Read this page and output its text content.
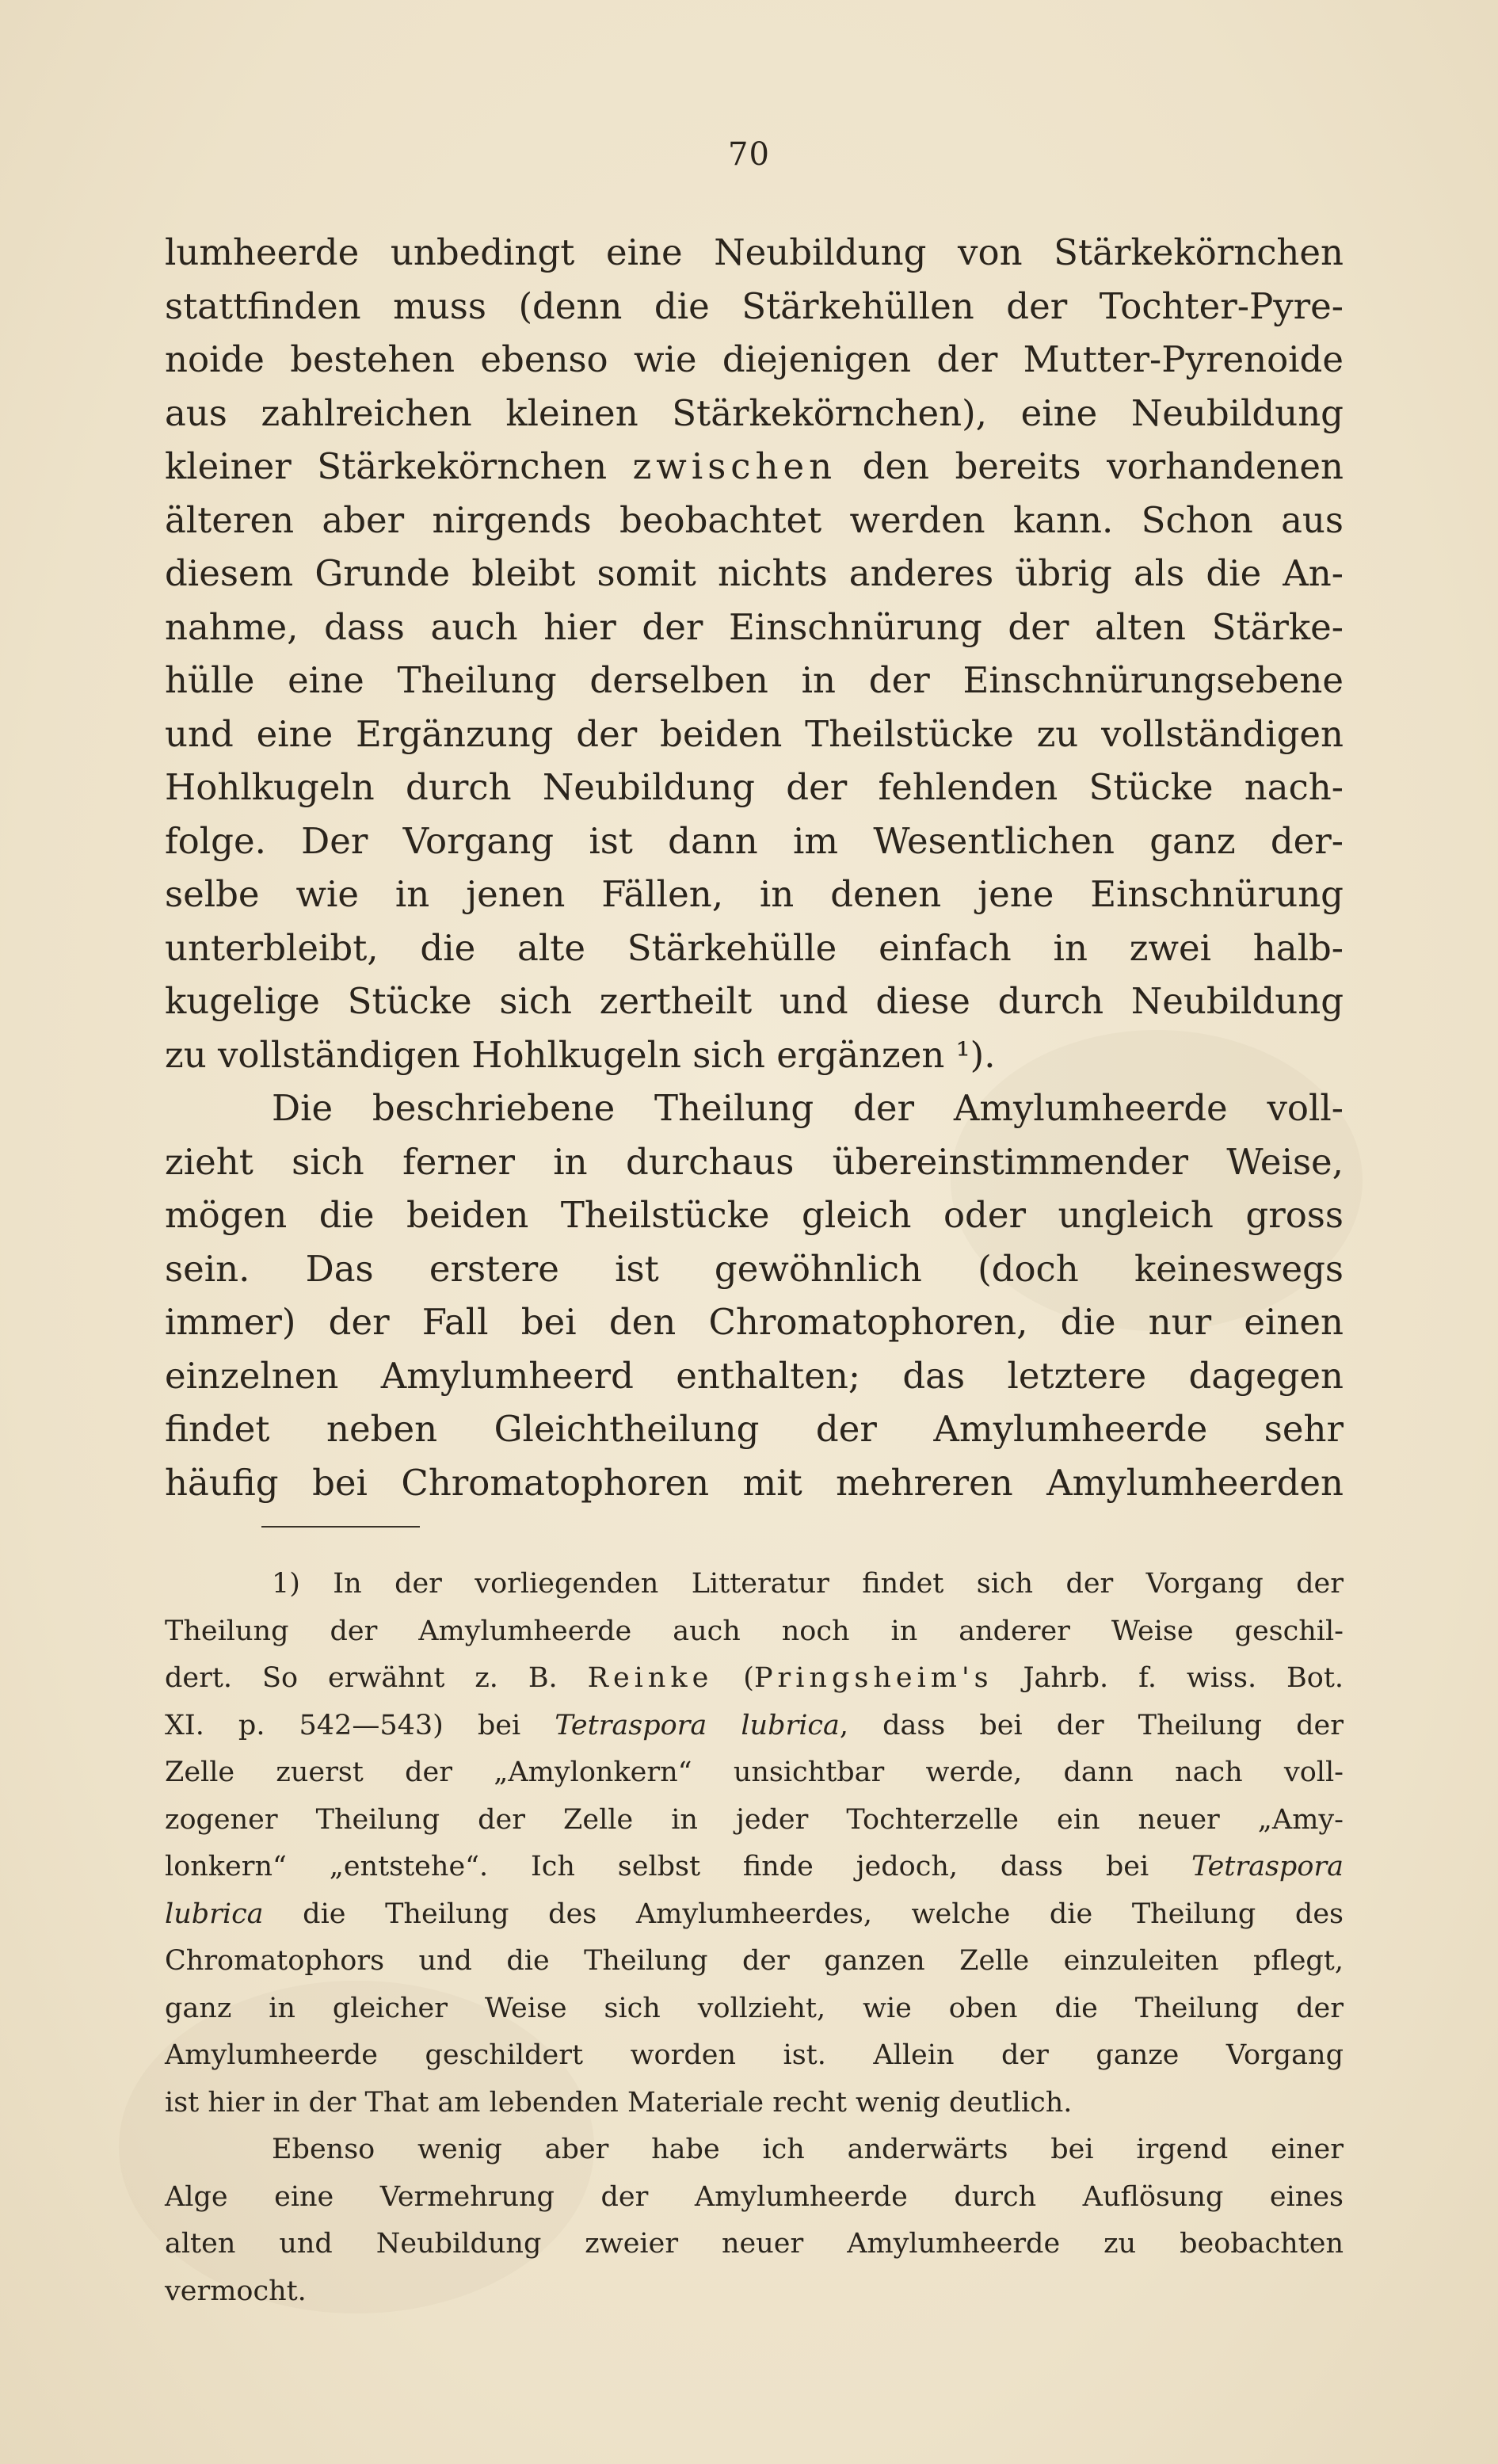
70
lumheerde unbedingt eine Neubildung von Stärkekörnchen
stattfinden muss (denn die Stärkehüllen der Tochter-Pyre-
noide bestehen ebenso wie diejenigen der Mutter-Pyrenoide
aus zahlreichen kleinen Stärkekörnchen), eine Neubildung
kleiner Stärkekörnchen zwischen den bereits vorhandenen
älteren aber nirgends beobachtet werden kann. Schon aus
diesem Grunde bleibt somit nichts anderes übrig als die An-
nahme, dass auch hier der Einschnürung der alten Stärke-
hülle eine Theilung derselben in der Einschnürungsebene
und eine Ergänzung der beiden Theilstücke zu vollständigen
Hohlkugeln durch Neubildung der fehlenden Stücke nach-
folge. Der Vorgang ist dann im Wesentlichen ganz der-
selbe wie in jenen Fällen, in denen jene Einschnürung
unterbleibt, die alte Stärkehülle einfach in zwei halb-
kugelige Stücke sich zertheilt und diese durch Neubildung
zu vollständigen Hohlkugeln sich ergänzen ¹).
Die beschriebene Theilung der Amylumheerde voll-
zieht sich ferner in durchaus übereinstimmender Weise,
mögen die beiden Theilstücke gleich oder ungleich gross
sein. Das erstere ist gewöhnlich (doch keineswegs
immer) der Fall bei den Chromatophoren, die nur einen
einzelnen Amylumheerd enthalten; das letztere dagegen
findet neben Gleichtheilung der Amylumheerde sehr
häufig bei Chromatophoren mit mehreren Amylumheerden
1) In der vorliegenden Litteratur findet sich der Vorgang der
Theilung der Amylumheerde auch noch in anderer Weise geschil-
dert. So erwähnt z. B. Reinke (Pringsheim's Jahrb. f. wiss. Bot.
XI. p. 542—543) bei Tetraspora lubrica, dass bei der Theilung der
Zelle zuerst der „Amylonkern“ unsichtbar werde, dann nach voll-
zogener Theilung der Zelle in jeder Tochterzelle ein neuer „Amy-
lonkern“ „entstehe“. Ich selbst finde jedoch, dass bei Tetraspora
lubrica die Theilung des Amylumheerdes, welche die Theilung des
Chromatophors und die Theilung der ganzen Zelle einzuleiten pflegt,
ganz in gleicher Weise sich vollzieht, wie oben die Theilung der
Amylumheerde geschildert worden ist. Allein der ganze Vorgang
ist hier in der That am lebenden Materiale recht wenig deutlich.
Ebenso wenig aber habe ich anderwärts bei irgend einer
Alge eine Vermehrung der Amylumheerde durch Auflösung eines
alten und Neubildung zweier neuer Amylumheerde zu beobachten
vermocht.
